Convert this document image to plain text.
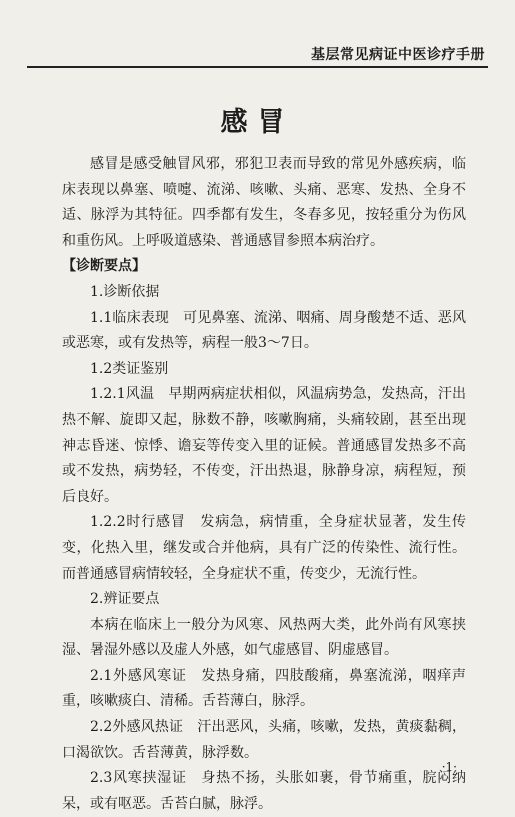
基层常见病证中医诊疗手册
感冒

感冒是感受触冒风邪，邪犯卫表而导致的常见外感疾病，临床表现以鼻塞、喷嚏、流涕、咳嗽、头痛、恶寒、发热、全身不适、脉浮为其特征。四季都有发生，冬春多见，按轻重分为伤风和重伤风。上呼吸道感染、普通感冒参照本病治疗。

【诊断要点】

1.诊断依据

1.1临床表现　可见鼻塞、流涕、咽痛、周身酸楚不适、恶风或恶寒，或有发热等，病程一般3～7日。

1.2类证鉴别

1.2.1风温　早期两病症状相似，风温病势急，发热高，汗出热不解、旋即又起，脉数不静，咳嗽胸痛，头痛较剧，甚至出现神志昏迷、惊悸、谵妄等传变入里的证候。普通感冒发热多不高或不发热，病势轻，不传变，汗出热退，脉静身凉，病程短，预后良好。

1.2.2时行感冒　发病急，病情重，全身症状显著，发生传变，化热入里，继发或合并他病，具有广泛的传染性、流行性。而普通感冒病情较轻，全身症状不重，传变少，无流行性。

2.辨证要点

本病在临床上一般分为风寒、风热两大类，此外尚有风寒挟湿、暑湿外感以及虚人外感，如气虚感冒、阴虚感冒。

2.1外感风寒证　发热身痛，四肢酸痛，鼻塞流涕，咽痒声重，咳嗽痰白、清稀。舌苔薄白，脉浮。

2.2外感风热证　汗出恶风，头痛，咳嗽，发热，黄痰黏稠，口渴欲饮。舌苔薄黄，脉浮数。

2.3风寒挟湿证　身热不扬，头胀如裹，骨节痛重，脘闷纳呆，或有呕恶。舌苔白腻，脉浮。

·1·
